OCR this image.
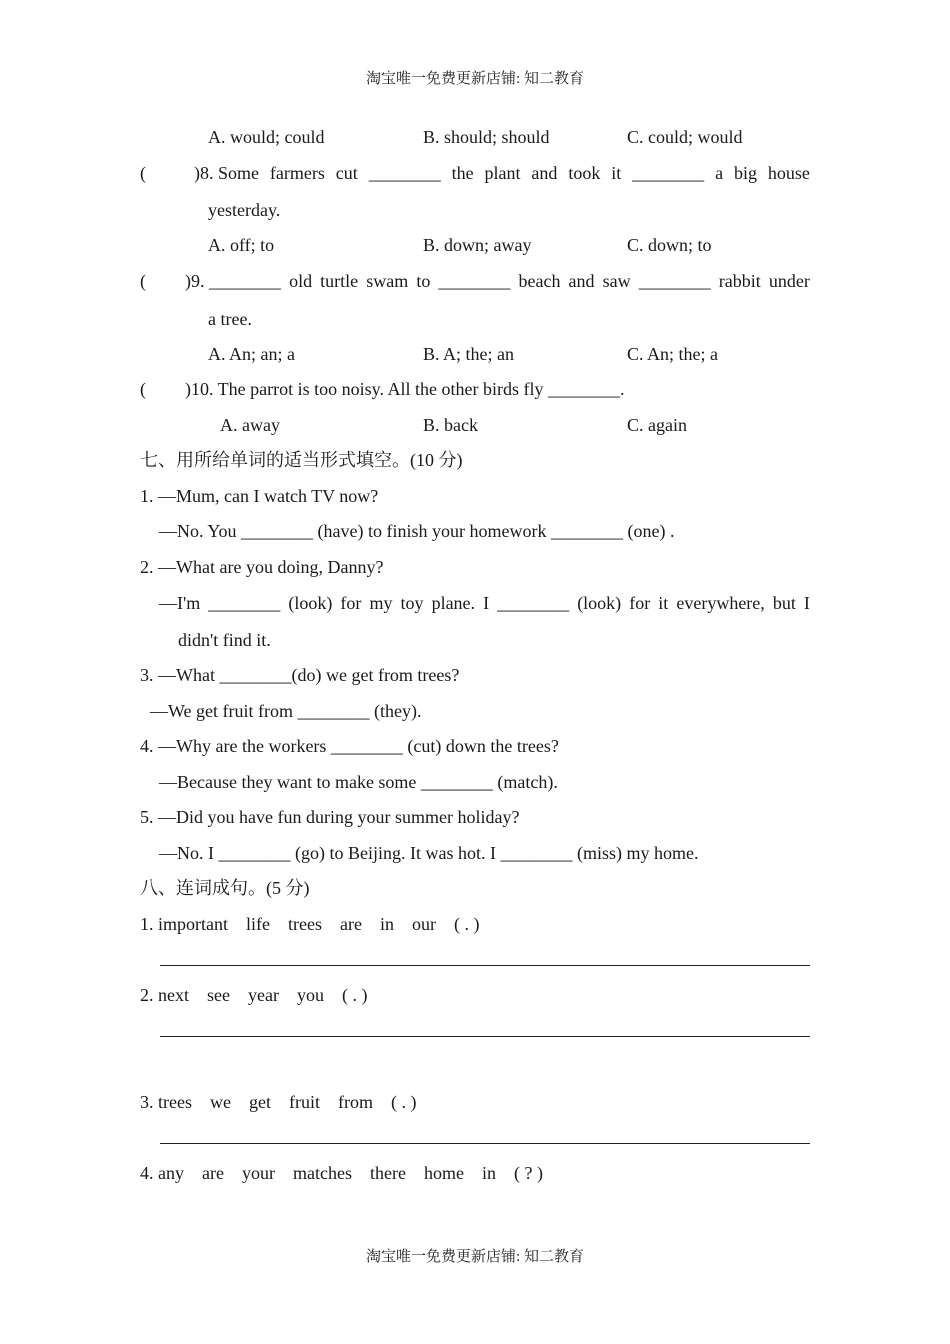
淘宝唯一免费更新店铺: 知二教育
A. would; could	B. should; should	C. could; would
(	)8. Some farmers cut ________ the plant and took it ________ a big house
yesterday.
A. off; to	B. down; away	C. down; to
( )9. ________ old turtle swam to ________ beach and saw ________ rabbit under
a tree.
A. An; an; a	B. A; the; an	C. An; the; a
( )10. The parrot is too noisy. All the other birds fly ________.
A. away	B. back	C. again
七、用所给单词的适当形式填空。(10 分)
1. —Mum, can I watch TV now?
—No. You ________ (have) to finish your homework ________ (one) .
2. —What are you doing, Danny?
—I'm ________ (look) for my toy plane. I ________ (look) for it everywhere, but I
didn't find it.
3. —What ________(do) we get from trees?
—We get fruit from ________ (they).
4. —Why are the workers ________ (cut) down the trees?
—Because they want to make some ________ (match).
5. —Did you have fun during your summer holiday?
—No. I ________ (go) to Beijing. It was hot. I ________ (miss) my home.
八、连词成句。(5 分)
1. important life trees are in our ( . )
2. next see year you ( . )
3. trees we get fruit from ( . )
4. any are your matches there home in ( ? )
淘宝唯一免费更新店铺: 知二教育
